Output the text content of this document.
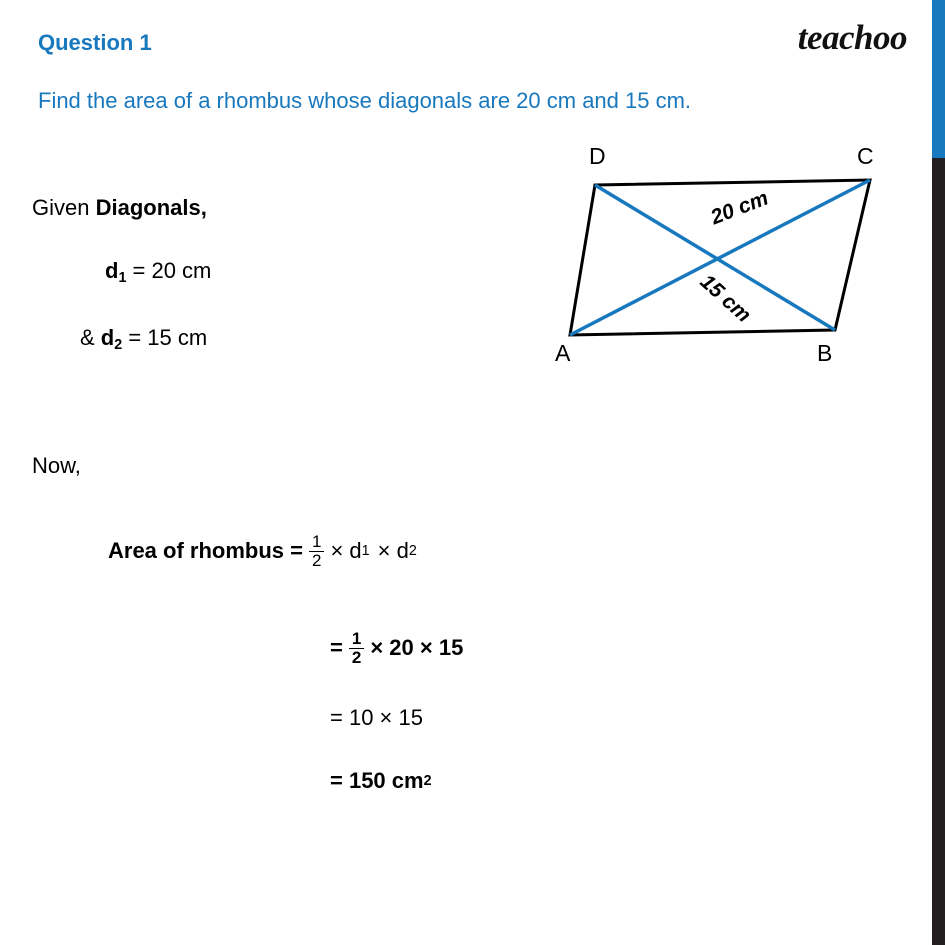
teachoo
Question 1
Find the area of a rhombus whose diagonals are 20 cm and 15 cm.
Given Diagonals,
$d_1 = 20$ cm
& $d_2 = 15$ cm
Now,
Area of rhombus = $\frac{1}{2} \times d$ 1 × d 2
= $\frac{1}{2} \times 20 \times 15$
= 10 × 15
= 150 cm 2
D	C
A	B
20 cm
15 cm
